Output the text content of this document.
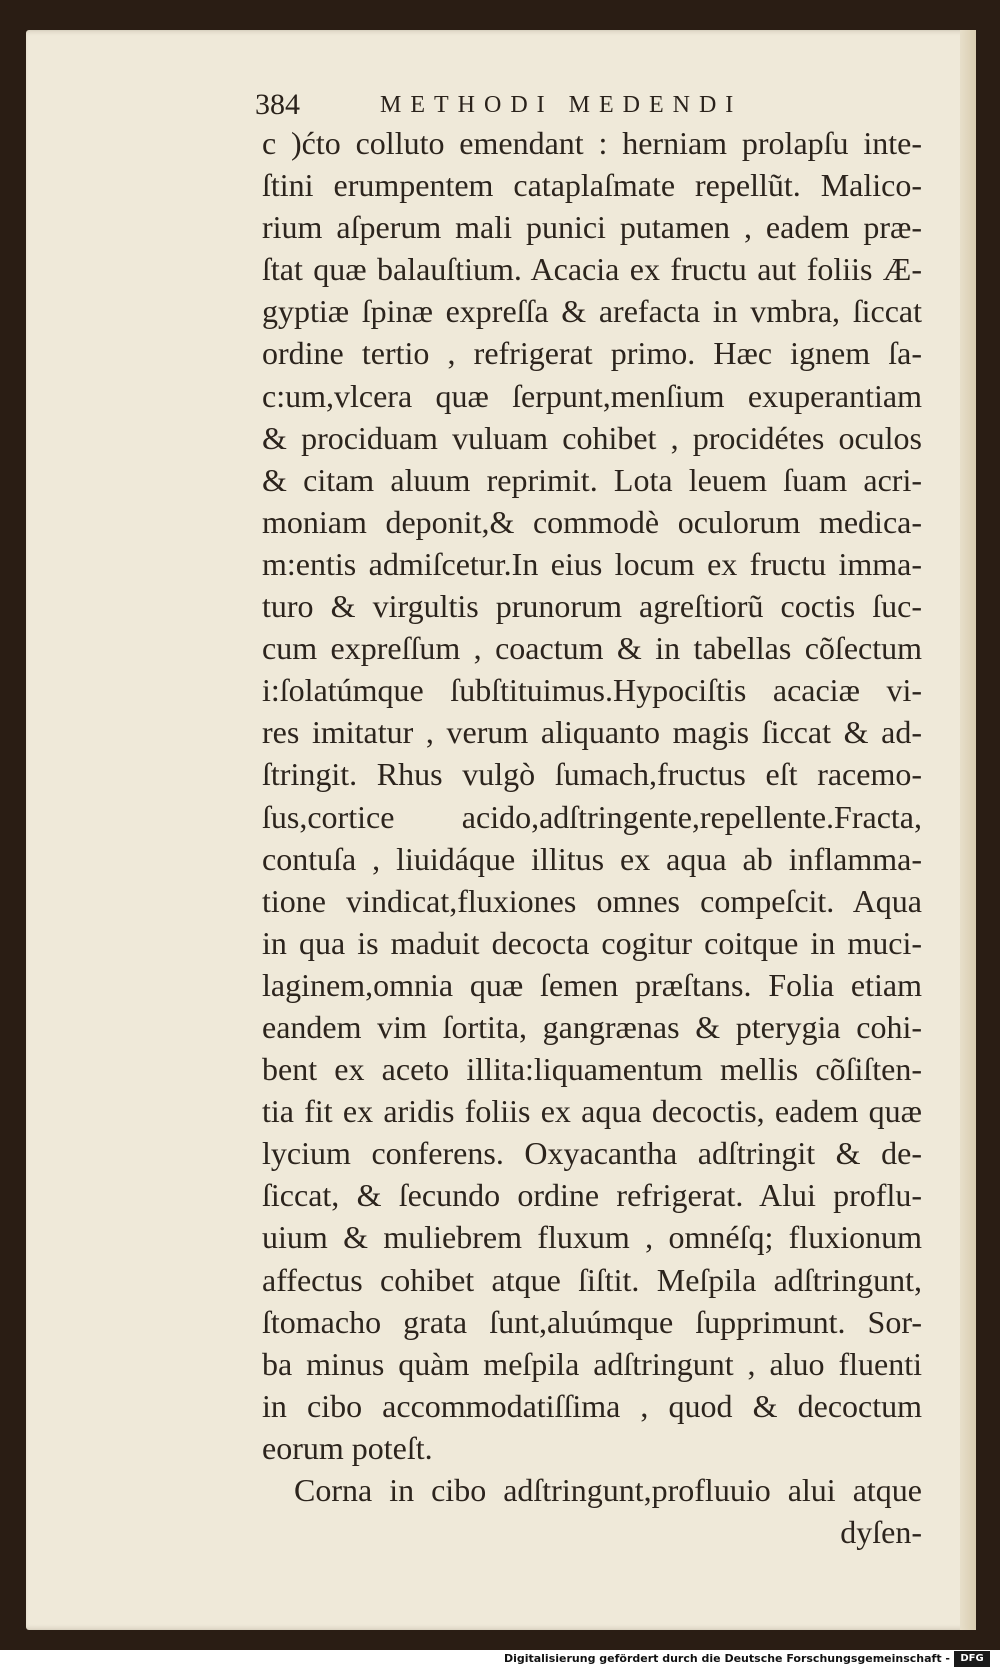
384	METHODI MEDENDI
c )ćto colluto emendant : herniam prolapſu inte-
ſtini erumpentem cataplaſmate repellũt. Malico-
rium aſperum mali punici putamen , eadem præ-
ſtat quæ balauſtium. Acacia ex fructu aut foliis Æ-
gyptiæ ſpinæ expreſſa & arefacta in vmbra, ſiccat
ordine tertio , refrigerat primo. Hæc ignem ſa-
c:um,vlcera quæ ſerpunt,menſium exuperantiam
& prociduam vuluam cohibet , procidétes oculos
& citam aluum reprimit. Lota leuem ſuam acri-
moniam deponit,& commodè oculorum medica-
m:entis admiſcetur.In eius locum ex fructu imma-
turo & virgultis prunorum agreſtiorũ coctis ſuc-
cum expreſſum , coactum & in tabellas cõſectum
i:ſolatúmque ſubſtituimus.Hypociſtis acaciæ vi-
res imitatur , verum aliquanto magis ſiccat & ad-
ſtringit. Rhus vulgò ſumach,fructus eſt racemo-
ſus,cortice acido,adſtringente,repellente.Fracta,
contuſa , liuidáque illitus ex aqua ab inflamma-
tione vindicat,fluxiones omnes compeſcit. Aqua
in qua is maduit decocta cogitur coitque in muci-
laginem,omnia quæ ſemen præſtans. Folia etiam
eandem vim ſortita, gangrænas & pterygia cohi-
bent ex aceto illita:liquamentum mellis cõſiſten-
tia fit ex aridis foliis ex aqua decoctis, eadem quæ
lycium conferens. Oxyacantha adſtringit & de-
ſiccat, & ſecundo ordine refrigerat. Alui proflu-
uium & muliebrem fluxum , omnéſq; fluxionum
affectus cohibet atque ſiſtit. Meſpila adſtringunt,
ſtomacho grata ſunt,aluúmque ſupprimunt. Sor-
ba minus quàm meſpila adſtringunt , aluo fluenti
in cibo accommodatiſſima , quod & decoctum
eorum poteſt.
Corna in cibo adſtringunt,profluuio alui atque
dyſen-
Digitalisierung gefördert durch die Deutsche Forschungsgemeinschaft -	DFG
